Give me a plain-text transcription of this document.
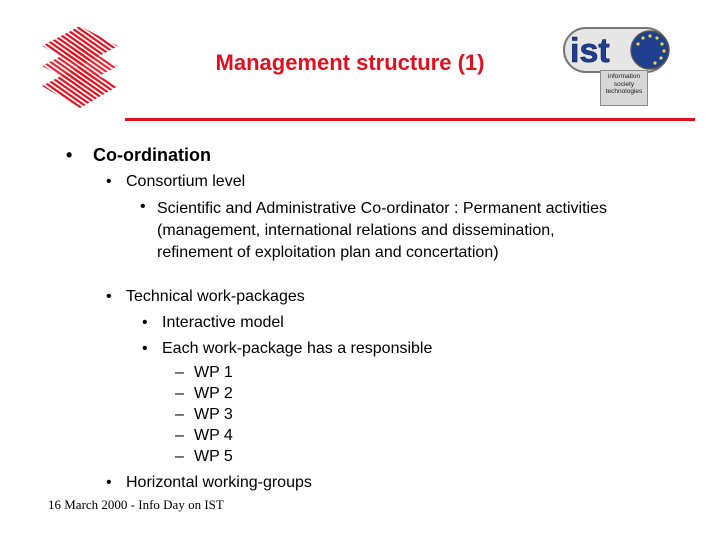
Management structure (1)	ist
information
society
technologies
• Co-ordination
• Consortium level
• Scientific and Administrative Co-ordinator : Permanent activities (management, international relations and dissemination, refinement of exploitation plan and concertation)
• Technical work-packages
• Interactive model
• Each work-package has a responsible
– WP 1
– WP 2
– WP 3
– WP 4
– WP 5
• Horizontal working-groups
16 March 2000 - Info Day on IST
